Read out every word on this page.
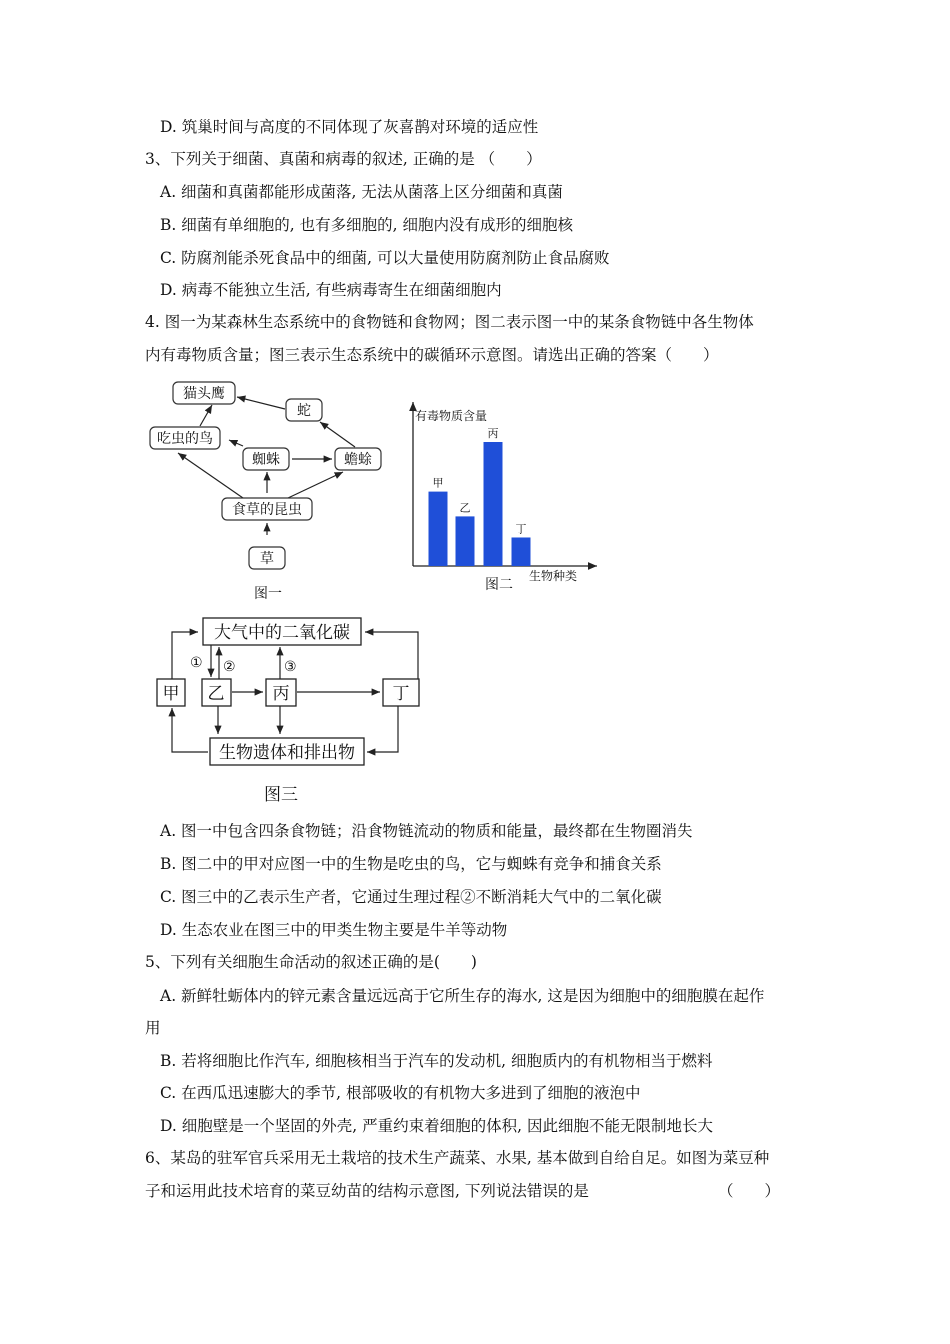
D. 筑巢时间与高度的不同体现了灰喜鹊对环境的适应性
3、下列关于细菌、真菌和病毒的叙述, 正确的是 （　　）
A. 细菌和真菌都能形成菌落, 无法从菌落上区分细菌和真菌
B. 细菌有单细胞的, 也有多细胞的, 细胞内没有成形的细胞核
C. 防腐剂能杀死食品中的细菌, 可以大量使用防腐剂防止食品腐败
D. 病毒不能独立生活, 有些病毒寄生在细菌细胞内
4. 图一为某森林生态系统中的食物链和食物网；图二表示图一中的某条食物链中各生物体
内有毒物质含量；图三表示生态系统中的碳循环示意图。请选出正确的答案（　　）
猫头鹰
蛇
吃虫的鸟
蜘蛛	蟾蜍
食草的昆虫
草
图一
有毒物质含量
生物种类
图二
甲
乙
丙
丁
大气中的二氧化碳
甲 乙	丙	丁
生物遗体和排出物
图三
① ②	③
A. 图一中包含四条食物链；沿食物链流动的物质和能量，最终都在生物圈消失
B. 图二中的甲对应图一中的生物是吃虫的鸟，它与蜘蛛有竞争和捕食关系
C. 图三中的乙表示生产者，它通过生理过程②不断消耗大气中的二氧化碳
D. 生态农业在图三中的甲类生物主要是牛羊等动物
5、下列有关细胞生命活动的叙述正确的是(　　)
A. 新鲜牡蛎体内的锌元素含量远远高于它所生存的海水, 这是因为细胞中的细胞膜在起作
用
B. 若将细胞比作汽车, 细胞核相当于汽车的发动机, 细胞质内的有机物相当于燃料
C. 在西瓜迅速膨大的季节, 根部吸收的有机物大多进到了细胞的液泡中
D. 细胞壁是一个坚固的外壳, 严重约束着细胞的体积, 因此细胞不能无限制地长大
6、某岛的驻军官兵采用无土栽培的技术生产蔬菜、水果, 基本做到自给自足。如图为菜豆种
子和运用此技术培育的菜豆幼苗的结构示意图, 下列说法错误的是	（　　）
